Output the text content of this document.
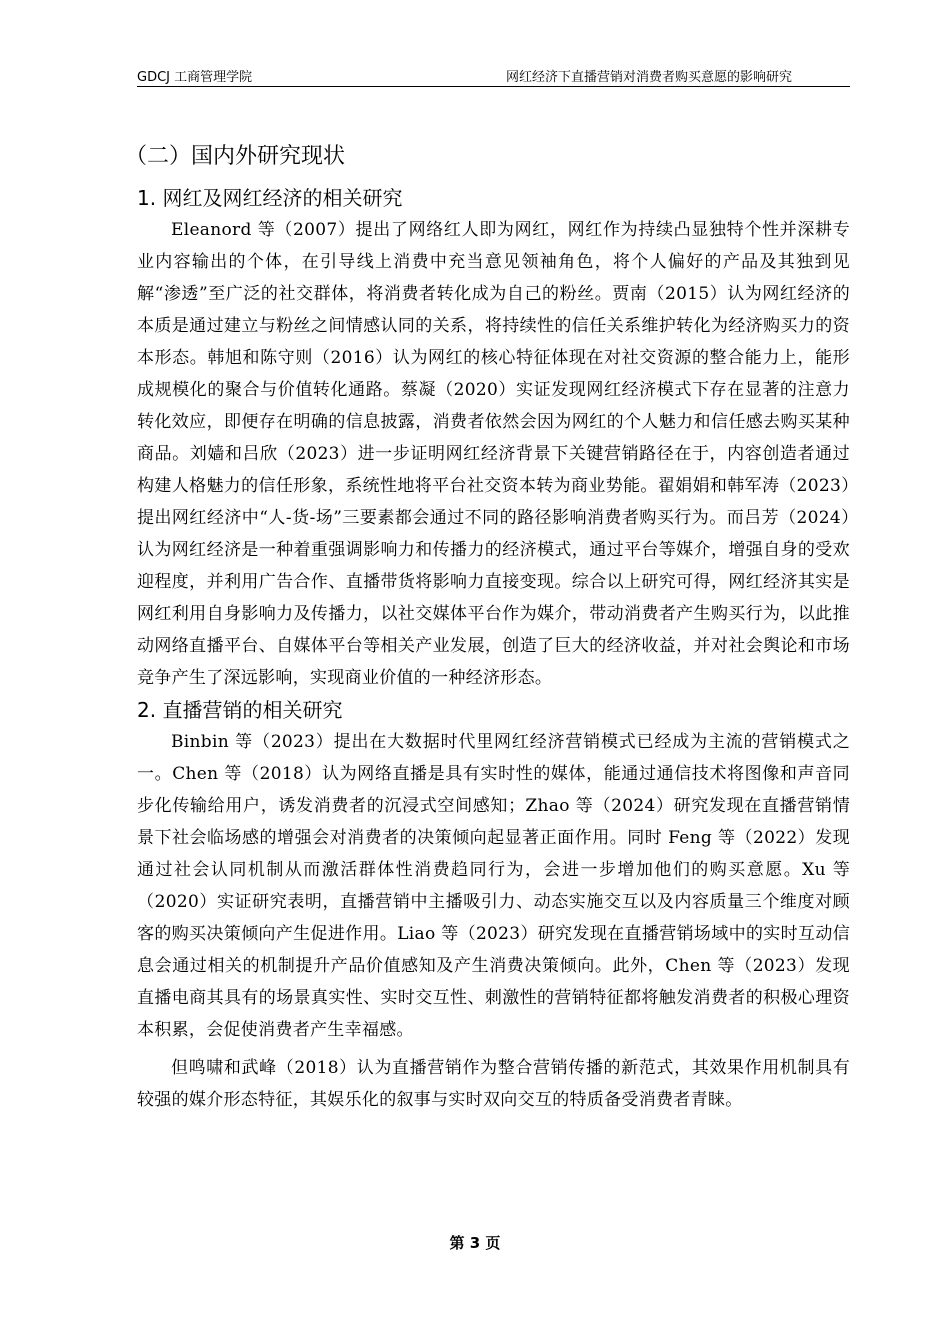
GDCJ 工商管理学院	网红经济下直播营销对消费者购买意愿的影响研究
（二）国内外研究现状
1. 网红及网红经济的相关研究

Eleanord 等（2007）提出了网络红人即为网红，网红作为持续凸显独特个性并深耕专业内容输出的个体，在引导线上消费中充当意见领袖角色，将个人偏好的产品及其独到见解“渗透”至广泛的社交群体，将消费者转化成为自己的粉丝。贾南（2015）认为网红经济的本质是通过建立与粉丝之间情感认同的关系，将持续性的信任关系维护转化为经济购买力的资本形态。韩旭和陈守则（2016）认为网红的核心特征体现在对社交资源的整合能力上，能形成规模化的聚合与价值转化通路。蔡凝（2020）实证发现网红经济模式下存在显著的注意力转化效应，即便存在明确的信息披露，消费者依然会因为网红的个人魅力和信任感去购买某种商品。刘嫱和吕欣（2023）进一步证明网红经济背景下关键营销路径在于，内容创造者通过构建人格魅力的信任形象，系统性地将平台社交资本转为商业势能。翟娟娟和韩军涛（2023）提出网红经济中“人-货-场”三要素都会通过不同的路径影响消费者购买行为。而吕芳（2024）认为网红经济是一种着重强调影响力和传播力的经济模式，通过平台等媒介，增强自身的受欢迎程度，并利用广告合作、直播带货将影响力直接变现。综合以上研究可得，网红经济其实是网红利用自身影响力及传播力，以社交媒体平台作为媒介，带动消费者产生购买行为，以此推动网络直播平台、自媒体平台等相关产业发展，创造了巨大的经济收益，并对社会舆论和市场竞争产生了深远影响，实现商业价值的一种经济形态。

2. 直播营销的相关研究

Binbin 等（2023）提出在大数据时代里网红经济营销模式已经成为主流的营销模式之一。Chen 等（2018）认为网络直播是具有实时性的媒体，能通过通信技术将图像和声音同步化传输给用户，诱发消费者的沉浸式空间感知；Zhao 等（2024）研究发现在直播营销情景下社会临场感的增强会对消费者的决策倾向起显著正面作用。同时 Feng 等（2022）发现通过社会认同机制从而激活群体性消费趋同行为，会进一步增加他们的购买意愿。Xu 等（2020）实证研究表明，直播营销中主播吸引力、动态实施交互以及内容质量三个维度对顾客的购买决策倾向产生促进作用。Liao 等（2023）研究发现在直播营销场域中的实时互动信息会通过相关的机制提升产品价值感知及产生消费决策倾向。此外，Chen 等（2023）发现直播电商其具有的场景真实性、实时交互性、刺激性的营销特征都将触发消费者的积极心理资本积累，会促使消费者产生幸福感。

但鸣啸和武峰（2018）认为直播营销作为整合营销传播的新范式，其效果作用机制具有较强的媒介形态特征，其娱乐化的叙事与实时双向交互的特质备受消费者青睐。

第 3 页
